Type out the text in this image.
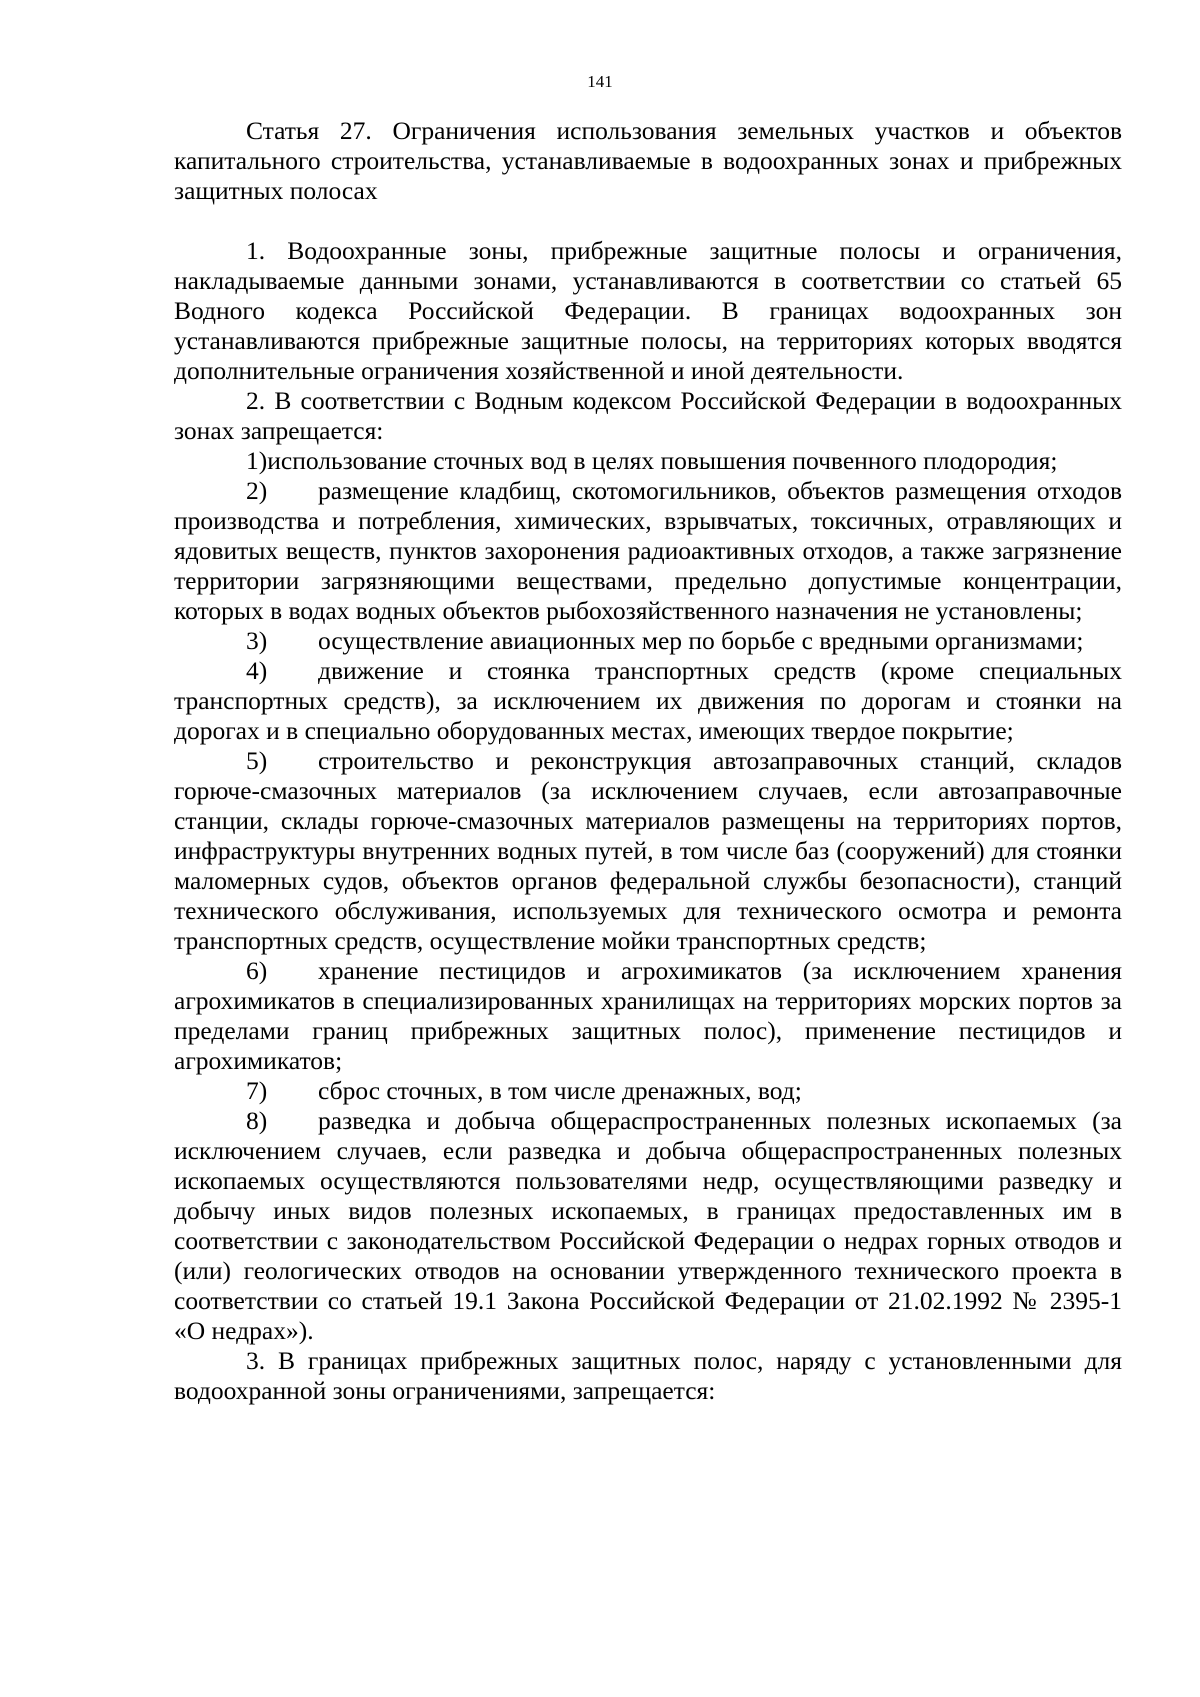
141

Статья 27. Ограничения использования земельных участков и объектов капитального строительства, устанавливаемые в водоохранных зонах и прибрежных защитных полосах

1. Водоохранные зоны, прибрежные защитные полосы и ограничения, накладываемые данными зонами, устанавливаются в соответствии со статьей 65 Водного кодекса Российской Федерации. В границах водоохранных зон устанавливаются прибрежные защитные полосы, на территориях которых вводятся дополнительные ограничения хозяйственной и иной деятельности.

2. В соответствии с Водным кодексом Российской Федерации в водоохранных зонах запрещается:

1)использование сточных вод в целях повышения почвенного плодородия;

2) размещение кладбищ, скотомогильников, объектов размещения отходов производства и потребления, химических, взрывчатых, токсичных, отравляющих и ядовитых веществ, пунктов захоронения радиоактивных отходов, а также загрязнение территории загрязняющими веществами, предельно допустимые концентрации, которых в водах водных объектов рыбохозяйственного назначения не установлены;

3) осуществление авиационных мер по борьбе с вредными организмами;

4) движение и стоянка транспортных средств (кроме специальных транспортных средств), за исключением их движения по дорогам и стоянки на дорогах и в специально оборудованных местах, имеющих твердое покрытие;

5) строительство и реконструкция автозаправочных станций, складов горюче-смазочных материалов (за исключением случаев, если автозаправочные станции, склады горюче-смазочных материалов размещены на территориях портов, инфраструктуры внутренних водных путей, в том числе баз (сооружений) для стоянки маломерных судов, объектов органов федеральной службы безопасности), станций технического обслуживания, используемых для технического осмотра и ремонта транспортных средств, осуществление мойки транспортных средств;

6) хранение пестицидов и агрохимикатов (за исключением хранения агрохимикатов в специализированных хранилищах на территориях морских портов за пределами границ прибрежных защитных полос), применение пестицидов и агрохимикатов;

7) сброс сточных, в том числе дренажных, вод;

8) разведка и добыча общераспространенных полезных ископаемых (за исключением случаев, если разведка и добыча общераспространенных полезных ископаемых осуществляются пользователями недр, осуществляющими разведку и добычу иных видов полезных ископаемых, в границах предоставленных им в соответствии с законодательством Российской Федерации о недрах горных отводов и (или) геологических отводов на основании утвержденного технического проекта в соответствии со статьей 19.1 Закона Российской Федерации от 21.02.1992 № 2395-1 «О недрах»).

3. В границах прибрежных защитных полос, наряду с установленными для водоохранной зоны ограничениями, запрещается:
